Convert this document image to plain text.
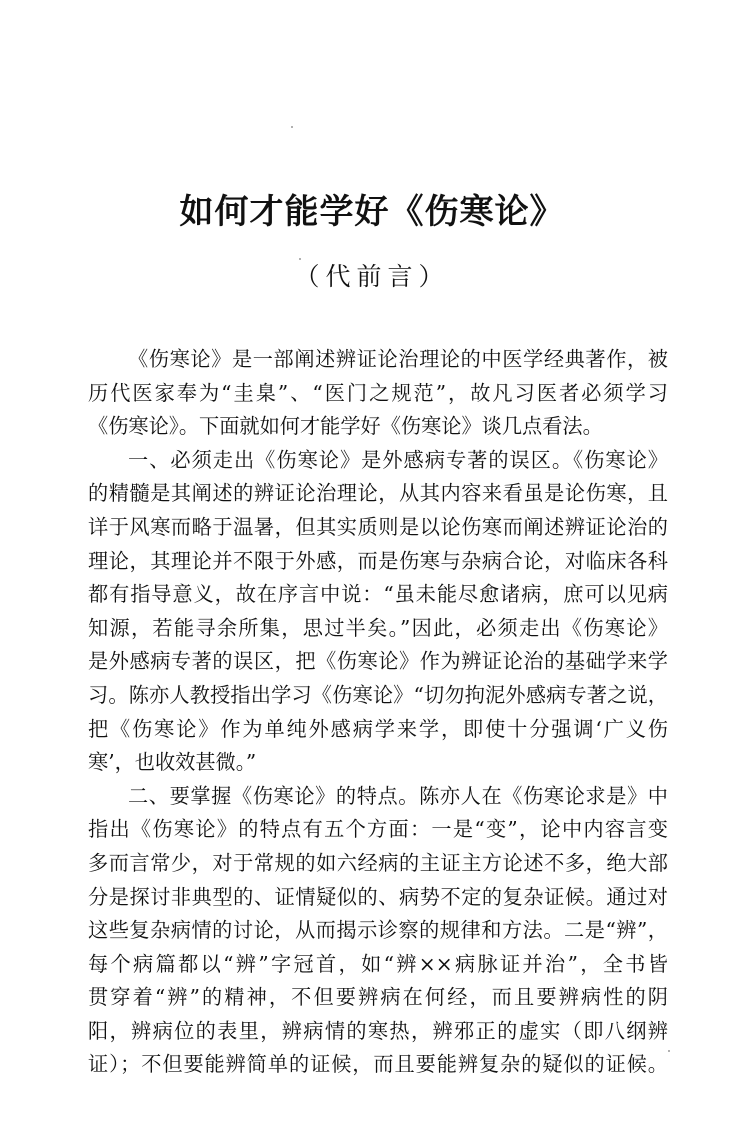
如何才能学好《伤寒论》
（代前言）
《伤寒论》是一部阐述辨证论治理论的中医学经典著作，被
历代医家奉为“圭臬”、“医门之规范”，故凡习医者必须学习
《伤寒论》。下面就如何才能学好《伤寒论》谈几点看法。
一、必须走出《伤寒论》是外感病专著的误区。《伤寒论》
的精髓是其阐述的辨证论治理论，从其内容来看虽是论伤寒，且
详于风寒而略于温暑，但其实质则是以论伤寒而阐述辨证论治的
理论，其理论并不限于外感，而是伤寒与杂病合论，对临床各科
都有指导意义，故在序言中说：“虽未能尽愈诸病，庶可以见病
知源，若能寻余所集，思过半矣。”因此，必须走出《伤寒论》
是外感病专著的误区，把《伤寒论》作为辨证论治的基础学来学
习。陈亦人教授指出学习《伤寒论》“切勿拘泥外感病专著之说，
把《伤寒论》作为单纯外感病学来学，即使十分强调‘广义伤
寒’，也收效甚微。”
二、要掌握《伤寒论》的特点。陈亦人在《伤寒论求是》中
指出《伤寒论》的特点有五个方面：一是“变”，论中内容言变
多而言常少，对于常规的如六经病的主证主方论述不多，绝大部
分是探讨非典型的、证情疑似的、病势不定的复杂证候。通过对
这些复杂病情的讨论，从而揭示诊察的规律和方法。二是“辨”，
每个病篇都以“辨”字冠首，如“辨××病脉证并治”，全书皆
贯穿着“辨”的精神，不但要辨病在何经，而且要辨病性的阴
阳，辨病位的表里，辨病情的寒热，辨邪正的虚实（即八纲辨
证）；不但要能辨简单的证候，而且要能辨复杂的疑似的证候。
